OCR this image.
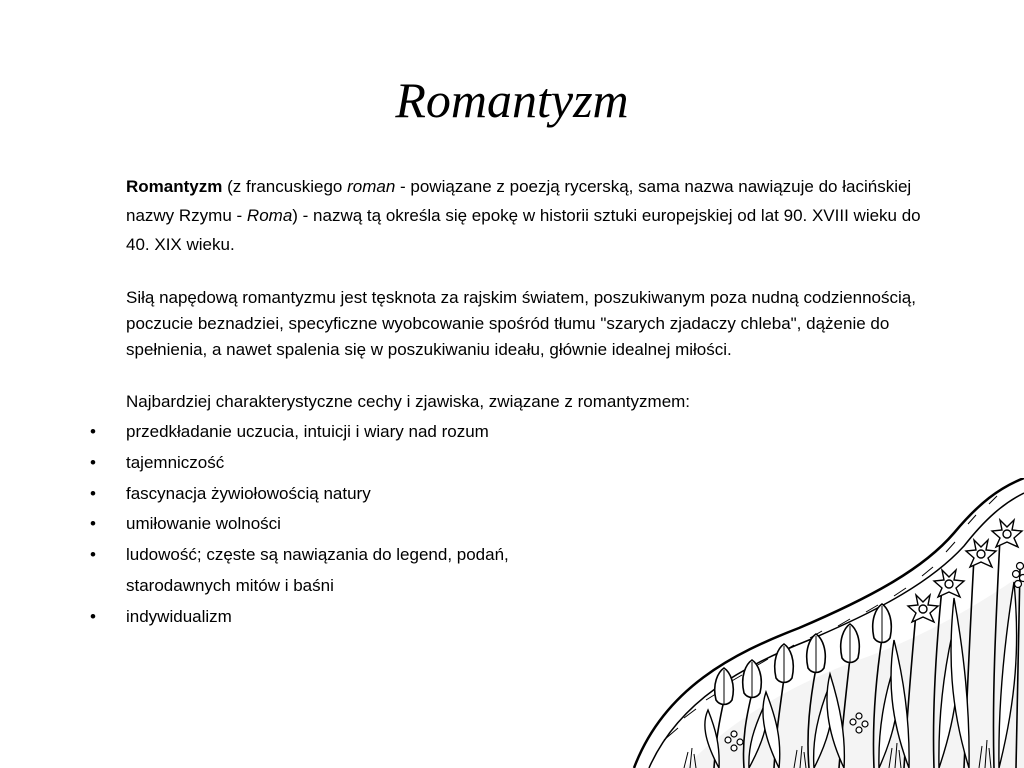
Romantyzm

Romantyzm (z francuskiego roman - powiązane z poezją rycerską, sama nazwa nawiązuje do łacińskiej nazwy Rzymu - Roma) - nazwą tą określa się epokę w historii sztuki europejskiej od lat 90. XVIII wieku do 40. XIX wieku.

Siłą napędową romantyzmu jest tęsknota za rajskim światem, poszukiwanym poza nudną codziennością, poczucie beznadziei, specyficzne wyobcowanie spośród tłumu "szarych zjadaczy chleba", dążenie do spełnienia, a nawet spalenia się w poszukiwaniu ideału, głównie idealnej miłości.

Najbardziej charakterystyczne cechy i zjawiska, związane z romantyzmem:

• przedkładanie uczucia, intuicji i wiary nad rozum
• tajemniczość
• fascynacja żywiołowością natury
• umiłowanie wolności
• ludowość; częste są nawiązania do legend, podań,
starodawnych mitów i baśni
• indywidualizm
